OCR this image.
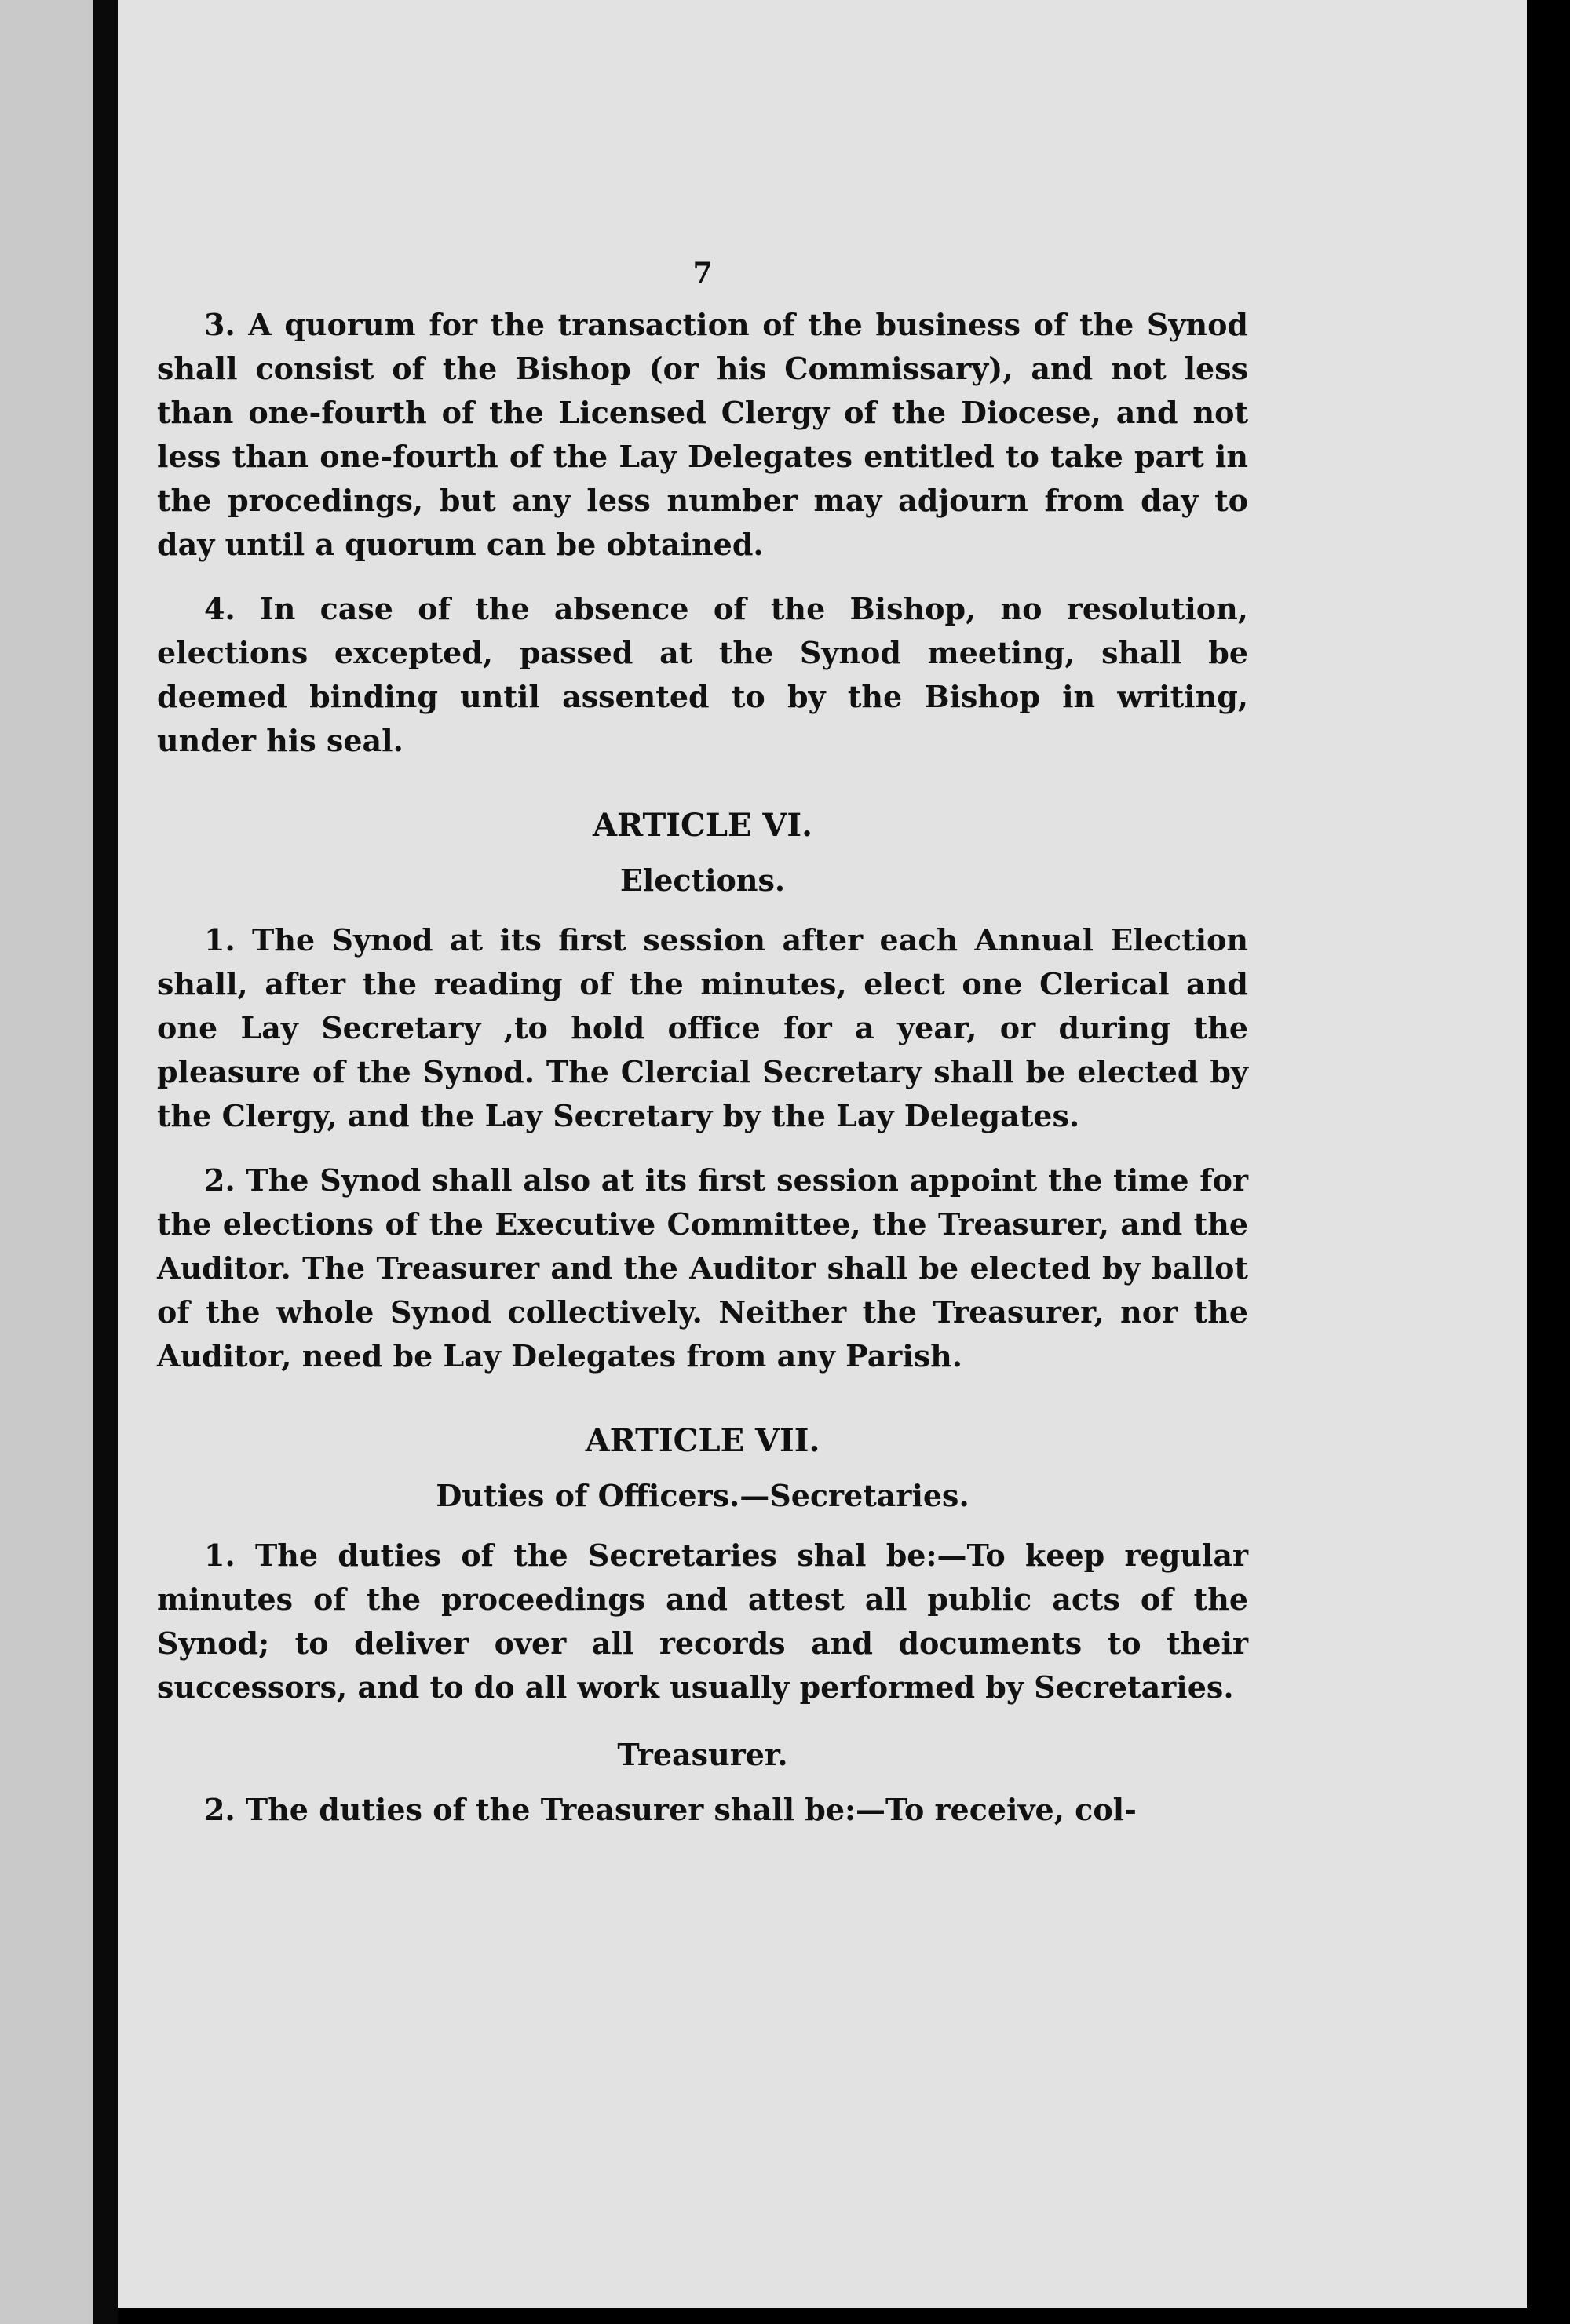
7

3. A quorum for the transaction of the business of the Synod shall consist of the Bishop (or his Commissary), and not less than one-fourth of the Licensed Clergy of the Diocese, and not less than one-fourth of the Lay Delegates entitled to take part in the procedings, but any less number may adjourn from day to day until a quorum can be obtained.

4. In case of the absence of the Bishop, no resolution, elections excepted, passed at the Synod meeting, shall be deemed binding until assented to by the Bishop in writing, under his seal.

ARTICLE VI.
Elections.

1. The Synod at its first session after each Annual Election shall, after the reading of the minutes, elect one Clerical and one Lay Secretary ,to hold office for a year, or during the pleasure of the Synod. The Clercial Secretary shall be elected by the Clergy, and the Lay Secretary by the Lay Delegates.

2. The Synod shall also at its first session appoint the time for the elections of the Executive Committee, the Treasurer, and the Auditor. The Treasurer and the Auditor shall be elected by ballot of the whole Synod collectively. Neither the Treasurer, nor the Auditor, need be Lay Delegates from any Parish.

ARTICLE VII.
Duties of Officers.—Secretaries.

1. The duties of the Secretaries shal be:—To keep regular minutes of the proceedings and attest all public acts of the Synod; to deliver over all records and documents to their successors, and to do all work usually performed by Secretaries.

Treasurer.

2. The duties of the Treasurer shall be:—To receive, col-
